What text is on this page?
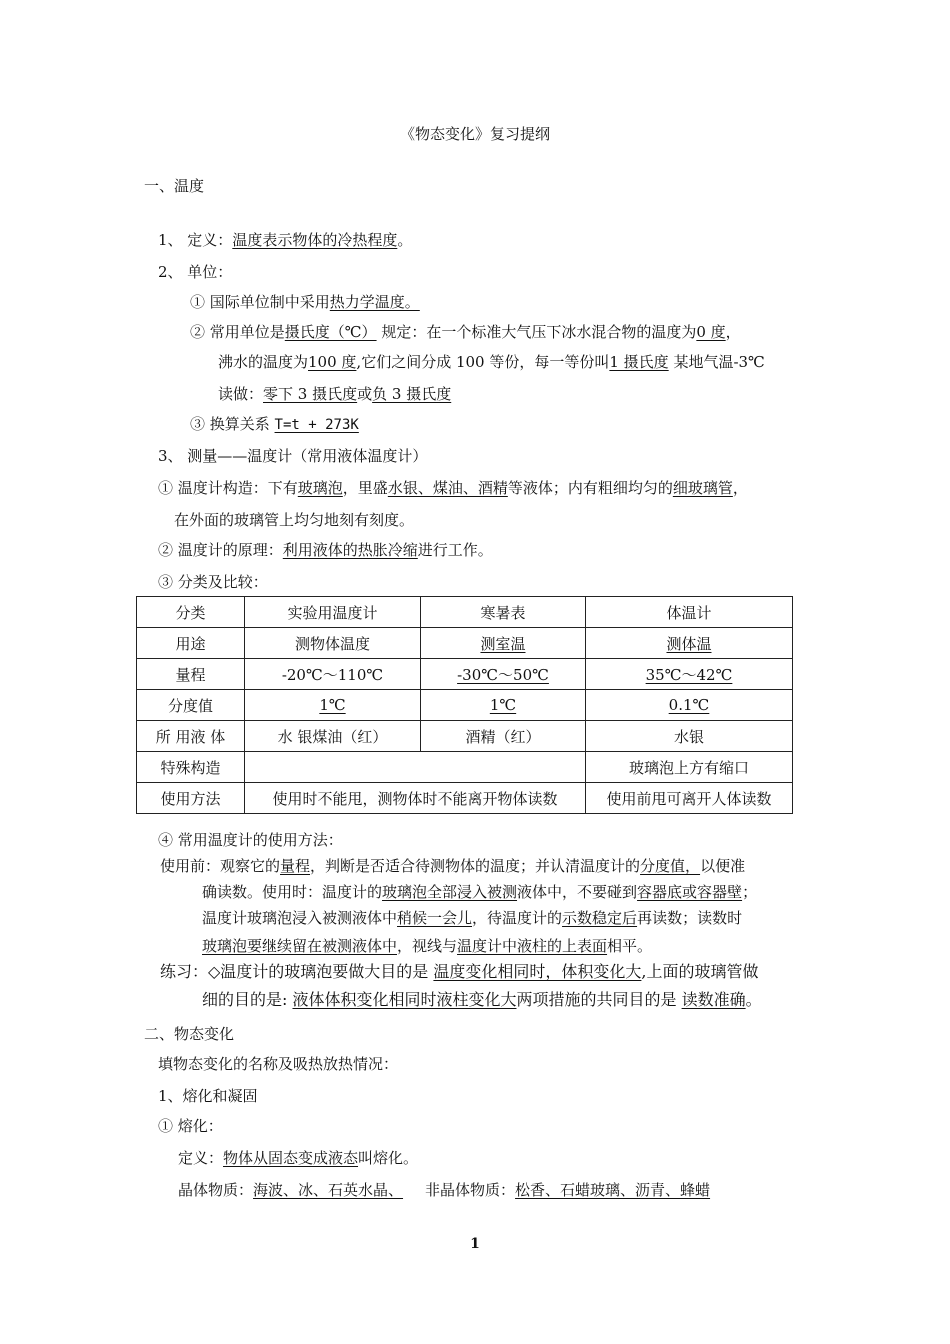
《物态变化》复习提纲
一、温度
1、 定义：温度表示物体的冷热程度。
2、 单位：
① 国际单位制中采用热力学温度。
② 常用单位是摄氏度（℃） 规定：在一个标准大气压下冰水混合物的温度为0 度，
沸水的温度为100 度,它们之间分成 100 等份，每一等份叫1 摄氏度 某地气温-3℃
读做：零下 3 摄氏度或负 3 摄氏度
③ 换算关系 T=t + 273K
3、 测量——温度计（常用液体温度计）
① 温度计构造：下有玻璃泡，里盛水银、煤油、酒精等液体；内有粗细均匀的细玻璃管，
在外面的玻璃管上均匀地刻有刻度。
② 温度计的原理：利用液体的热胀冷缩进行工作。
③ 分类及比较：
分类	实验用温度计	寒暑表	体温计
用途	测物体温度	测室温	测体温
量程	-20℃～110℃	-30℃～50℃	35℃～42℃
分度值	1℃	1℃	0.1℃
所 用液 体	水 银煤油（红）	酒精（红）	水银
特殊构造			玻璃泡上方有缩口
使用方法	使用时不能甩，测物体时不能离开物体读数		使用前甩可离开人体读数
④ 常用温度计的使用方法：
使用前：观察它的量程，判断是否适合待测物体的温度；并认清温度计的分度值，以便准
确读数。使用时：温度计的玻璃泡全部浸入被测液体中，不要碰到容器底或容器壁；
温度计玻璃泡浸入被测液体中稍候一会儿，待温度计的示数稳定后再读数；读数时
玻璃泡要继续留在被测液体中，视线与温度计中液柱的上表面相平。
练习：◇温度计的玻璃泡要做大目的是 温度变化相同时，体积变化大,上面的玻璃管做
细的目的是: 液体体积变化相同时液柱变化大两项措施的共同目的是 读数准确。
二、物态变化
填物态变化的名称及吸热放热情况：
1、熔化和凝固
① 熔化：
定义：物体从固态变成液态叫熔化。
晶体物质：海波、冰、石英水晶、 非晶体物质：松香、石蜡玻璃、沥青、蜂蜡
1
